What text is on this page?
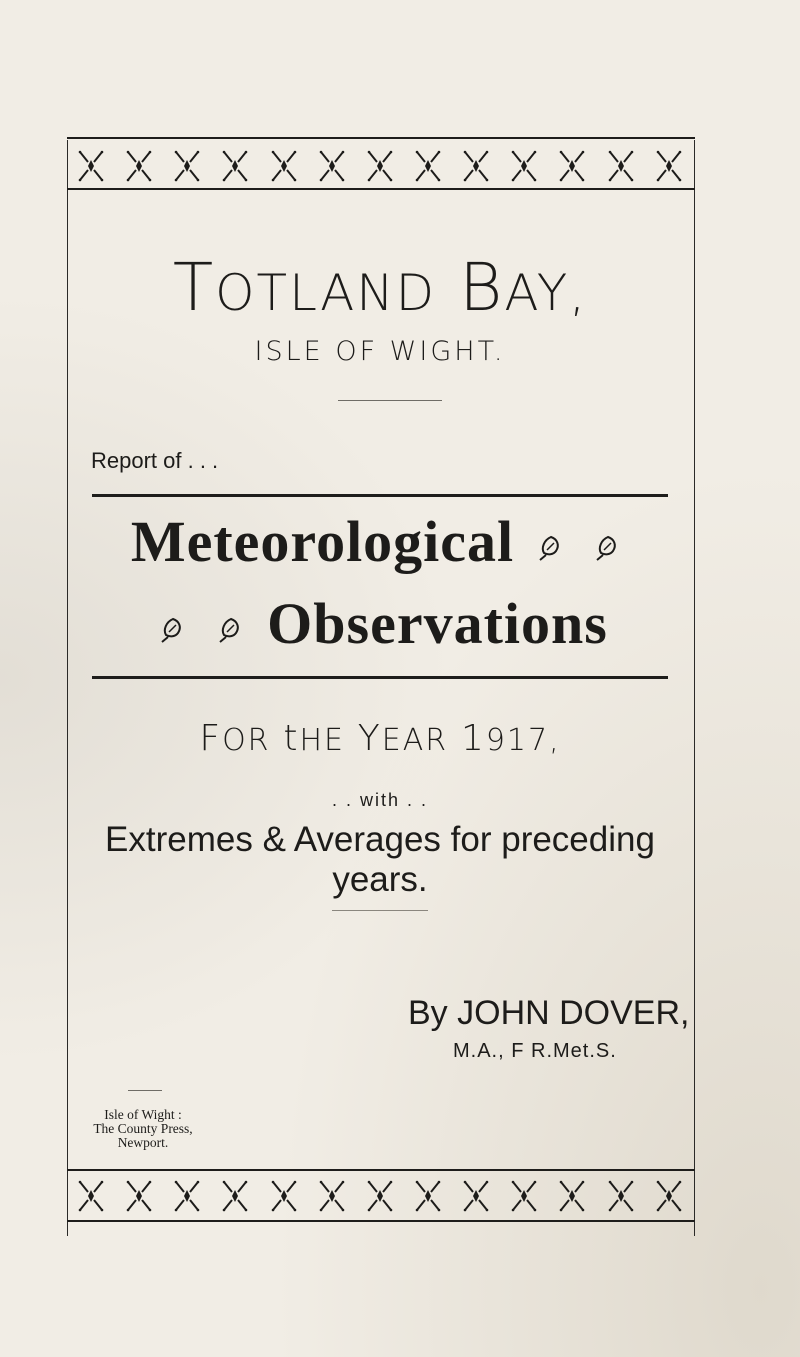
TOTLAND BAY,
ISLE OF WIGHT.
Report of . . .
Meteorological
Observations
FOR tHE YEAR 1917,
. . with . .
Extremes & Averages for preceding years.
By JOHN DOVER,
M.A., F R.Met.S.
Isle of Wight :
The County Press,
Newport.
